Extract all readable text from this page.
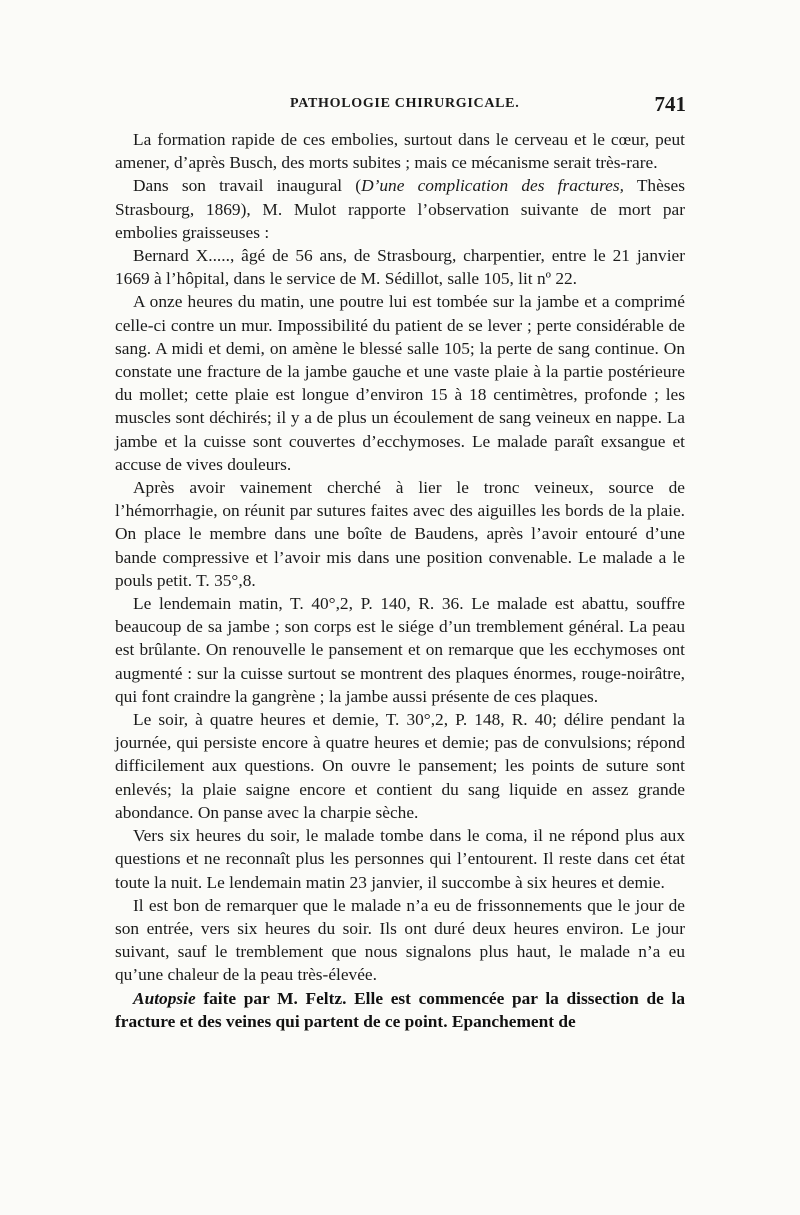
PATHOLOGIE CHIRURGICALE.	741

La formation rapide de ces embolies, surtout dans le cerveau et le cœur, peut amener, d’après Busch, des morts subites ; mais ce mécanisme serait très-rare.

Dans son travail inaugural (D’une complication des fractures, Thèses Strasbourg, 1869), M. Mulot rapporte l’observation suivante de mort par embolies graisseuses :

Bernard X....., âgé de 56 ans, de Strasbourg, charpentier, entre le 21 janvier 1669 à l’hôpital, dans le service de M. Sédillot, salle 105, lit nº 22.

A onze heures du matin, une poutre lui est tombée sur la jambe et a comprimé celle-ci contre un mur. Impossibilité du patient de se lever ; perte considérable de sang. A midi et demi, on amène le blessé salle 105; la perte de sang continue. On constate une fracture de la jambe gauche et une vaste plaie à la partie postérieure du mollet; cette plaie est longue d’environ 15 à 18 centimètres, profonde ; les muscles sont déchirés; il y a de plus un écoulement de sang veineux en nappe. La jambe et la cuisse sont couvertes d’ecchymoses. Le malade paraît exsangue et accuse de vives douleurs.

Après avoir vainement cherché à lier le tronc veineux, source de l’hémorrhagie, on réunit par sutures faites avec des aiguilles les bords de la plaie. On place le membre dans une boîte de Baudens, après l’avoir entouré d’une bande compressive et l’avoir mis dans une position convenable. Le malade a le pouls petit. T. 35°,8.

Le lendemain matin, T. 40°,2, P. 140, R. 36. Le malade est abattu, souffre beaucoup de sa jambe ; son corps est le siége d’un tremblement général. La peau est brûlante. On renouvelle le pansement et on remarque que les ecchymoses ont augmenté : sur la cuisse surtout se montrent des plaques énormes, rouge-noirâtre, qui font craindre la gangrène ; la jambe aussi présente de ces plaques.

Le soir, à quatre heures et demie, T. 30°,2, P. 148, R. 40; délire pendant la journée, qui persiste encore à quatre heures et demie; pas de convulsions; répond difficilement aux questions. On ouvre le pansement; les points de suture sont enlevés; la plaie saigne encore et contient du sang liquide en assez grande abondance. On panse avec la charpie sèche.

Vers six heures du soir, le malade tombe dans le coma, il ne répond plus aux questions et ne reconnaît plus les personnes qui l’entourent. Il reste dans cet état toute la nuit. Le lendemain matin 23 janvier, il succombe à six heures et demie.

Il est bon de remarquer que le malade n’a eu de frissonnements que le jour de son entrée, vers six heures du soir. Ils ont duré deux heures environ. Le jour suivant, sauf le tremblement que nous signalons plus haut, le malade n’a eu qu’une chaleur de la peau très-élevée.

Autopsie faite par M. Feltz. Elle est commencée par la dissection de la fracture et des veines qui partent de ce point. Epanchement de
